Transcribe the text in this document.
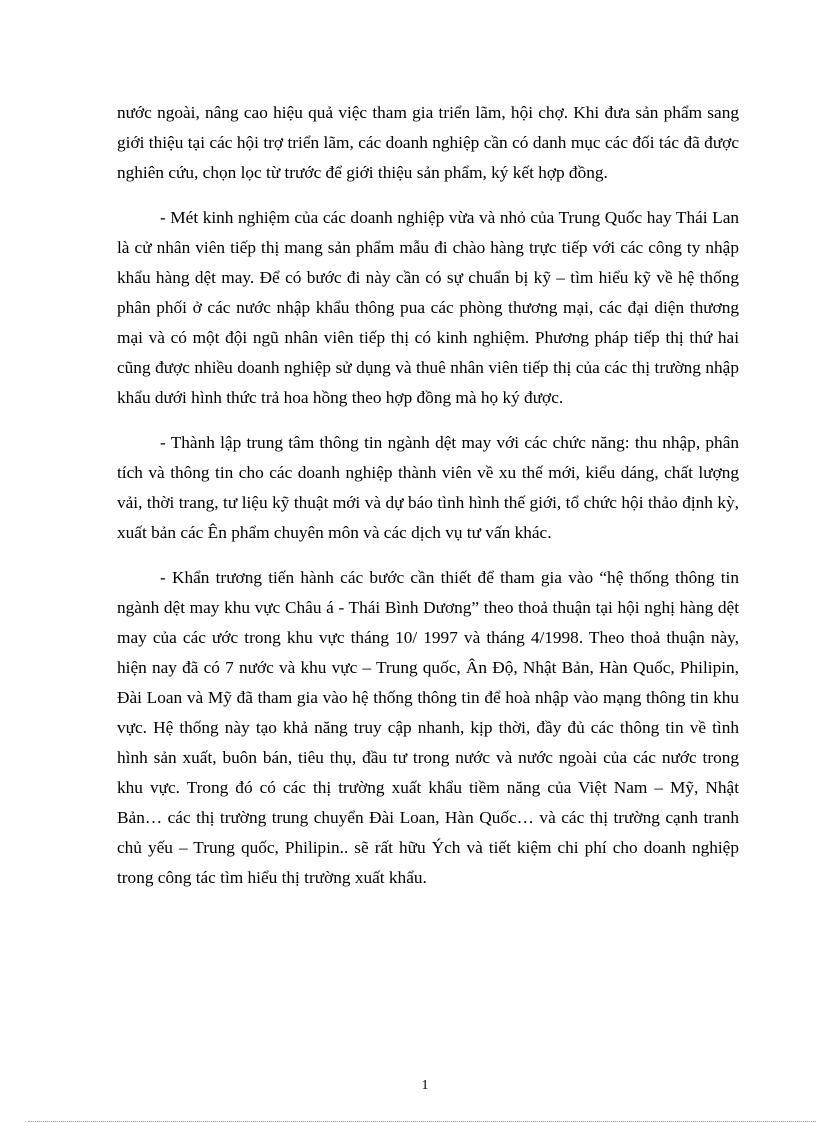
nước ngoài, nâng cao hiệu quả việc tham gia triển lãm, hội chợ. Khi đưa sản phẩm sang giới thiệu tại các hội trợ triển lãm, các doanh nghiệp cần có danh mục các đối tác đã được nghiên cứu, chọn lọc từ trước để giới thiệu sản phẩm, ký kết hợp đồng.

- Mét kinh nghiệm của các doanh nghiệp vừa và nhỏ của Trung Quốc hay Thái Lan là cử nhân viên tiếp thị mang sản phẩm mẫu đi chào hàng trực tiếp với các công ty nhập khẩu hàng dệt may. Để có bước đi này cần có sự chuẩn bị kỹ – tìm hiểu kỹ về hệ thống phân phối ở các nước nhập khẩu thông pua các phòng thương mại, các đại diện thương mại và có một đội ngũ nhân viên tiếp thị có kinh nghiệm. Phương pháp tiếp thị thứ hai cũng được nhiều doanh nghiệp sử dụng và thuê nhân viên tiếp thị của các thị trường nhập khẩu dưới hình thức trả hoa hồng theo hợp đồng mà họ ký được.

- Thành lập trung tâm thông tin ngành dệt may với các chức năng: thu nhập, phân tích và thông tin cho các doanh nghiệp thành viên về xu thế mới, kiểu dáng, chất lượng vải, thời trang, tư liệu kỹ thuật mới và dự báo tình hình thế giới, tổ chức hội thảo định kỳ, xuất bản các Ên phẩm chuyên môn và các dịch vụ tư vấn khác.

- Khẩn trương tiến hành các bước cần thiết để tham gia vào “hệ thống thông tin ngành dệt may khu vực Châu á - Thái Bình Dương” theo thoả thuận tại hội nghị hàng dệt may của các ước trong khu vực tháng 10/ 1997 và tháng 4/1998. Theo thoả thuận này, hiện nay đã có 7 nước và khu vực – Trung quốc, Ân Độ, Nhật Bản, Hàn Quốc, Philipin, Đài Loan và Mỹ đã tham gia vào hệ thống thông tin để hoà nhập vào mạng thông tin khu vực. Hệ thống này tạo khả năng truy cập nhanh, kịp thời, đầy đủ các thông tin về tình hình sản xuất, buôn bán, tiêu thụ, đầu tư trong nước và nước ngoài của các nước trong khu vực. Trong đó có các thị trường xuất khẩu tiềm năng của Việt Nam – Mỹ, Nhật Bản… các thị trường trung chuyển Đài Loan, Hàn Quốc… và các thị trường cạnh tranh chủ yếu – Trung quốc, Philipin.. sẽ rất hữu Ých và tiết kiệm chi phí cho doanh nghiệp trong công tác tìm hiểu thị trường xuất khẩu.

1
